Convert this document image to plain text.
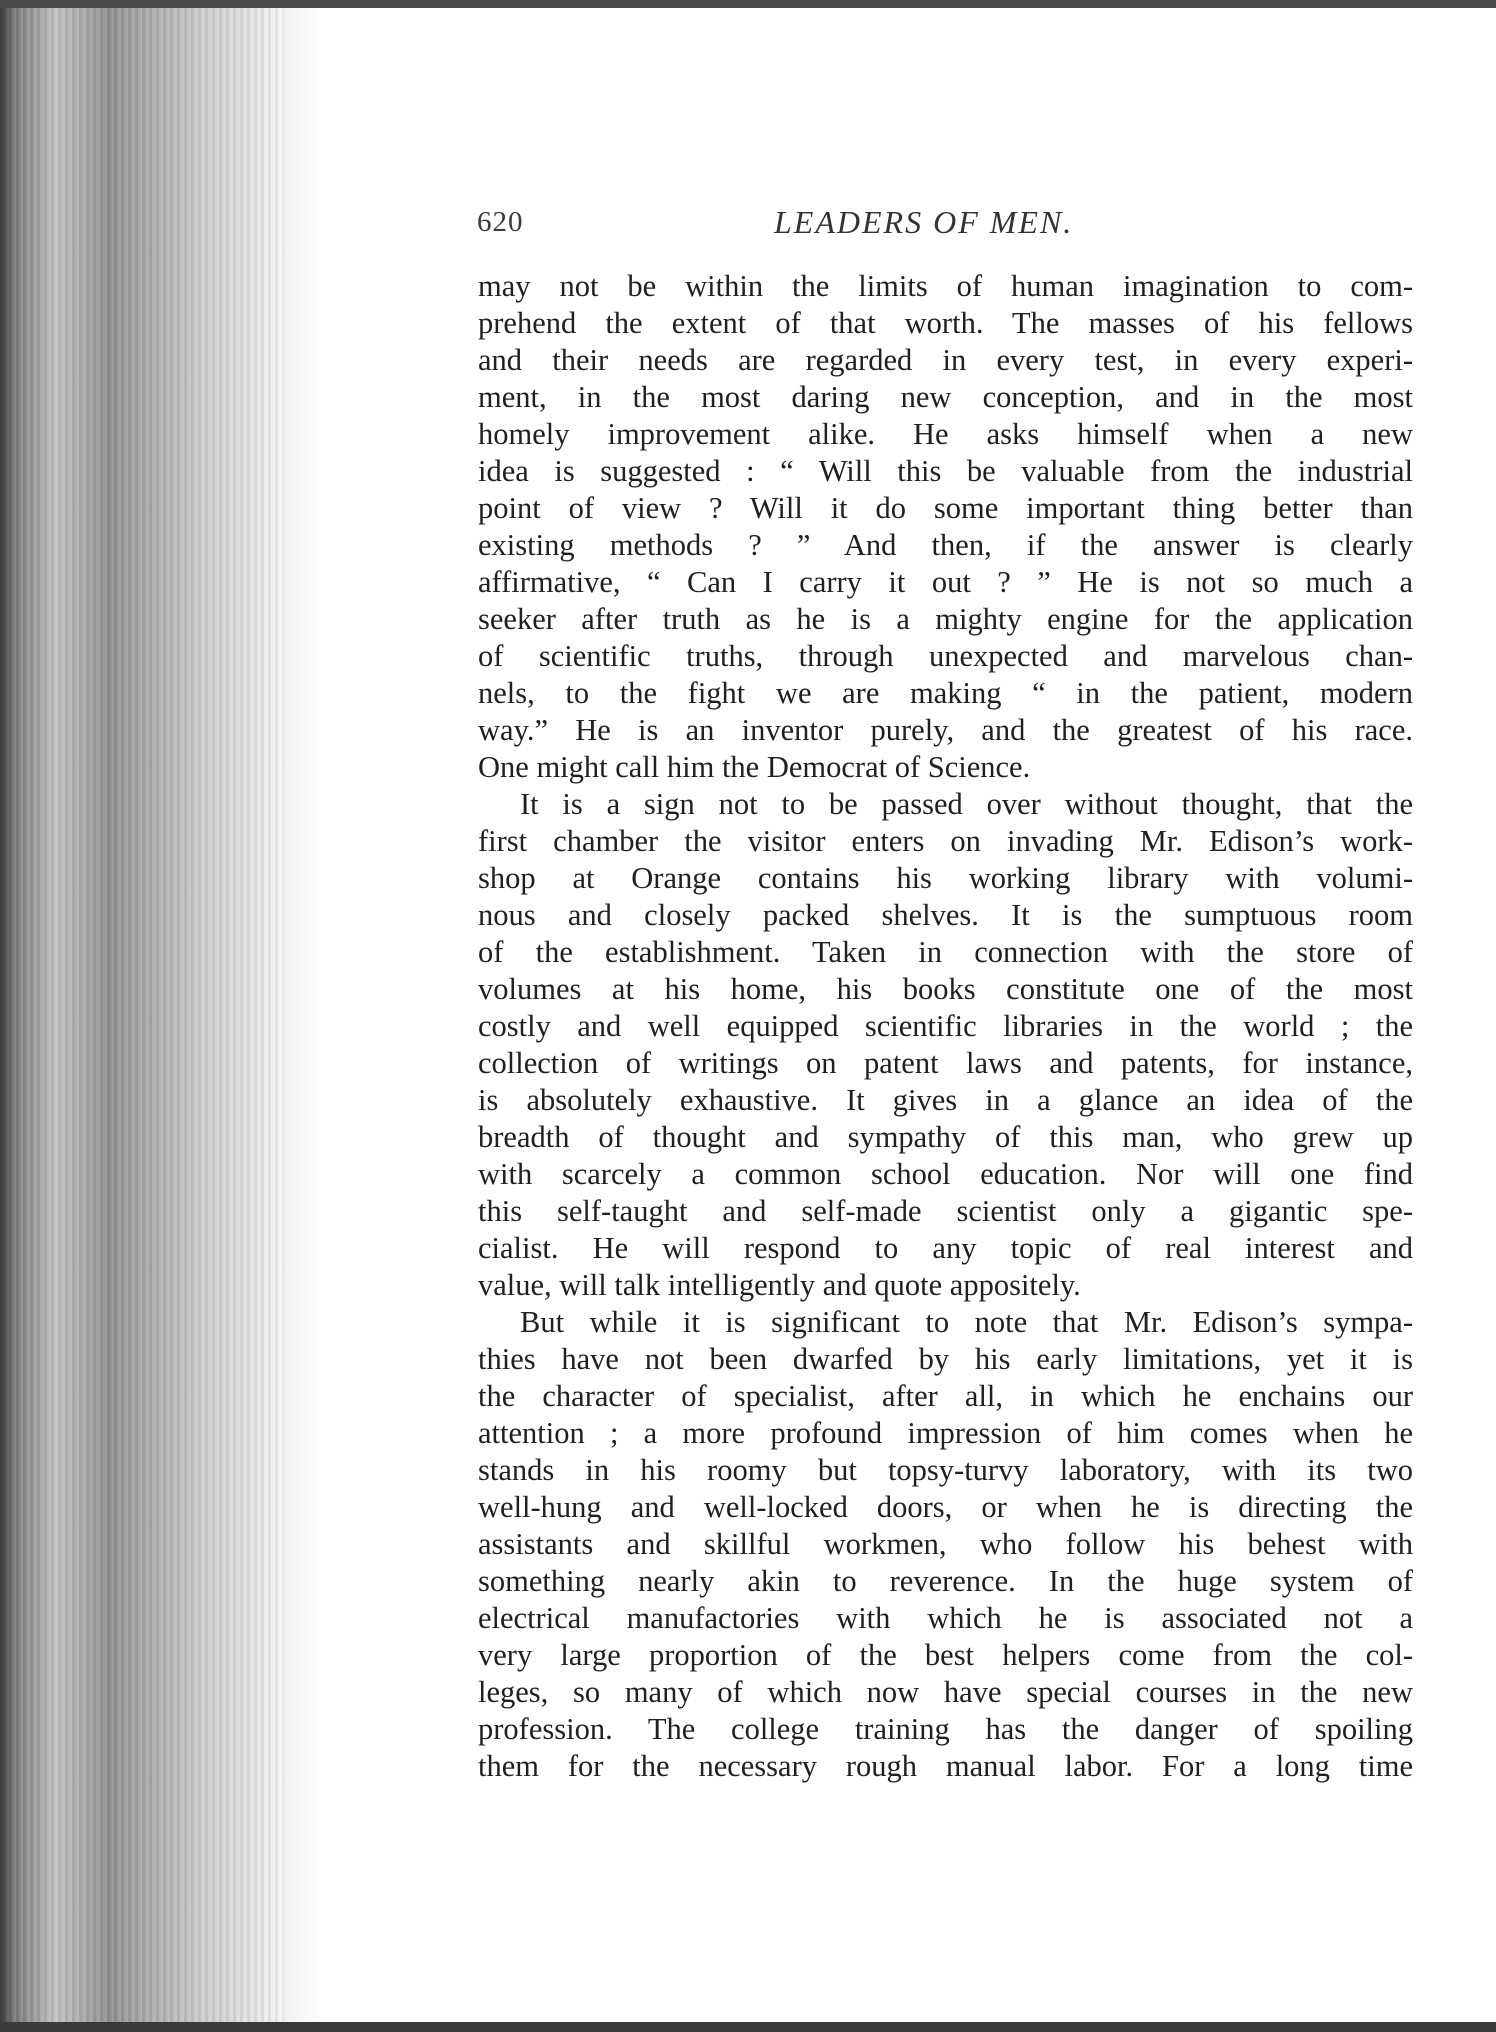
620	LEADERS OF MEN.
may not be within the limits of human imagination to com-
prehend the extent of that worth. The masses of his fellows
and their needs are regarded in every test, in every experi-
ment, in the most daring new conception, and in the most
homely improvement alike. He asks himself when a new
idea is suggested : “ Will this be valuable from the industrial
point of view ? Will it do some important thing better than
existing methods ? ” And then, if the answer is clearly
affirmative, “ Can I carry it out ? ” He is not so much a
seeker after truth as he is a mighty engine for the application
of scientific truths, through unexpected and marvelous chan-
nels, to the fight we are making “ in the patient, modern
way.” He is an inventor purely, and the greatest of his race.
One might call him the Democrat of Science.
It is a sign not to be passed over without thought, that the
first chamber the visitor enters on invading Mr. Edison’s work-
shop at Orange contains his working library with volumi-
nous and closely packed shelves. It is the sumptuous room
of the establishment. Taken in connection with the store of
volumes at his home, his books constitute one of the most
costly and well equipped scientific libraries in the world ; the
collection of writings on patent laws and patents, for instance,
is absolutely exhaustive. It gives in a glance an idea of the
breadth of thought and sympathy of this man, who grew up
with scarcely a common school education. Nor will one find
this self-taught and self-made scientist only a gigantic spe-
cialist. He will respond to any topic of real interest and
value, will talk intelligently and quote appositely.
But while it is significant to note that Mr. Edison’s sympa-
thies have not been dwarfed by his early limitations, yet it is
the character of specialist, after all, in which he enchains our
attention ; a more profound impression of him comes when he
stands in his roomy but topsy-turvy laboratory, with its two
well-hung and well-locked doors, or when he is directing the
assistants and skillful workmen, who follow his behest with
something nearly akin to reverence. In the huge system of
electrical manufactories with which he is associated not a
very large proportion of the best helpers come from the col-
leges, so many of which now have special courses in the new
profession. The college training has the danger of spoiling
them for the necessary rough manual labor. For a long time
